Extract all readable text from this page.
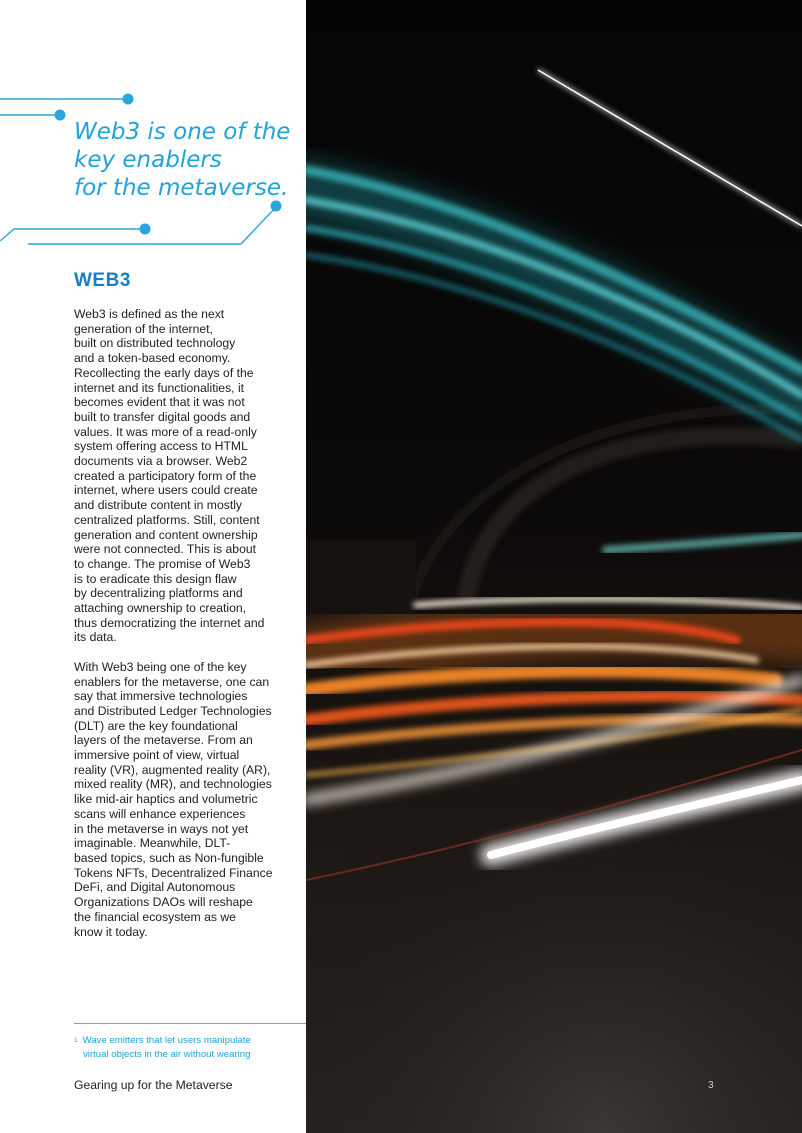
Web3 is one of the
key enablers
for the metaverse.

WEB3

Web3 is defined as the next
generation of the internet,
built on distributed technology
and a token-based economy.
Recollecting the early days of the
internet and its functionalities, it
becomes evident that it was not
built to transfer digital goods and
values. It was more of a read-only
system offering access to HTML
documents via a browser. Web2
created a participatory form of the
internet, where users could create
and distribute content in mostly
centralized platforms. Still, content
generation and content ownership
were not connected. This is about
to change. The promise of Web3
is to eradicate this design flaw
by decentralizing platforms and
attaching ownership to creation,
thus democratizing the internet and
its data.

With Web3 being one of the key
enablers for the metaverse, one can
say that immersive technologies
and Distributed Ledger Technologies
(DLT) are the key foundational
layers of the metaverse. From an
immersive point of view, virtual
reality (VR), augmented reality (AR),
mixed reality (MR), and technologies
like mid-air haptics and volumetric
scans will enhance experiences
in the metaverse in ways not yet
imaginable. Meanwhile, DLT-
based topics, such as Non-fungible
Tokens NFTs, Decentralized Finance
DeFi, and Digital Autonomous
Organizations DAOs will reshape
the financial ecosystem as we
know it today.

$^1$ Wave emitters that let users manipulate
virtual objects in the air without wearing
Gearing up for the Metaverse	3
